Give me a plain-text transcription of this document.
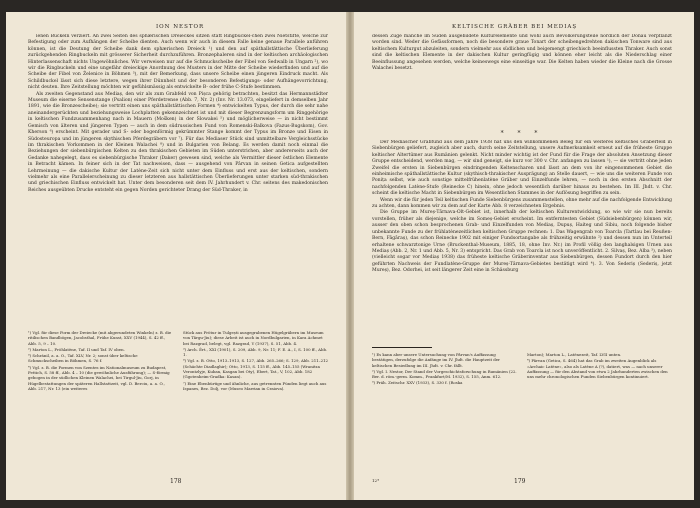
ION NESTOR

lenen Buckeln verziert. An zwei Seiten des sphærischen Dreieckes sitzen statt Ringbuckel-chen zwei Nietstifte, welche zur Befestigung oder zum Aufhängen der Scheibe dienten. Auch wenn wir auch in diesem Falle keine genaue Parallele anführen können, ist die Deutung der Scheibe dank dem sphærischen Dreieck ¹) und den auf späthallstättische Überlieferung zurückgehenden Ringbuckeln mit grösserer Sicherheit durchzuführen. Bronzephaleren sind in der keltischen archäologischen Hinterlassenschaft nichts Ungewöhnliches. Wir verweisen nur auf die Schmuckscheibe der Fibel von Sedwalb in Ungarn ²), wo wir die Ringbuckeln und eine ungefähr dreieckige Anordnung des Musters in der Mitte der Scheibe wiederfinden und auf die Scheibe der Fibel von Želenice in Böhmen ³), mit der Bemerkung, dass unsere Scheibe einen jüngeren Eindruck macht. Als Schildbuckel lässt sich diese letztere, wegen ihrer Dünnheit und der besonderen Befestigungs- oder Aufhängevorrichtung, nicht deuten. Ihre Zeitstellung möchten wir gefühlsmässig als entwickelte B- oder frühe C-Stufe bestimmen.

Als zweiten Gegenstand aus Mediaș, den wir als zum Grabfeld von Pișca gehörig betrachten, besitzt das Hermannstädter Museum die eiserne Sensenstange (Psalion) einer Pferdetrense (Abb. 7, Nr. 2) (Inv. Nr. 13.073, eingeliefert in demselben Jahr 1891, wie die Bronzescheibe); sie vertritt einen uns späthallstättischen Formen ⁴) entwickelten Typus, der durch die sehr nahe aneinandergerückten und beziehungsweise Lochplatten gekennzeichnet ist und mit dieser Begrenzungsform um Ringgehörige in keltischen Fundzusammenhang nach in Mauern (Mošken) in der Slowakei ⁵) und möglicherweise — in nicht bestimmt Gemisch von älteren und jüngeren Typen — auch in dem südrussischen Fund von Romenski-Balkova (Fazus-Bugskom), Gov. Kherson ⁶) erscheint. Mit gerader und S- oder bogenförmig gekrümmter Stange kommt der Typus im Bronze und Eisen in Südosteuropa und im jüngeren skythischen Pferdegräbern vor ⁷). Für das Mediaser Stück sind unmittelbare Vergleichsstücke im thrakischen Vorkommen in der Kleinen Walachei ⁸) und in Bulgarien von Belang. Es werden damit noch einmal die Beziehungen der siebenbürgischen Kelten zu den thrakischen Gebieten im Süden unterstrichen, aber andererseits auch der Gedanke nahegelegt, dass es siebenbürgische Thraker (Daker) gewesen sind, welche als Vermittler dieser östlichen Elemente in Betracht kämen. In feiner sich in der Tat nachweisen, dass — ausgehend von Pârvan in seinen Getica aufgestellten Lehrmeinung — die dakische Kultur der Latène-Zeit sich nicht unter dem Einfluss und erst aus der keltischen, sondern vielmehr als eine Parallelerscheinung zu dieser letzteren aus hallstättischen Überlieferungen unter starken süd-thrakischen und griechischen Einfluss entwickelt hat. Unter dem besonderen seit dem IV. Jahrhundert v. Chr. seitens des makedonischen Reiches ausgeübten Drucke entsteht ein gegen Norden gerichteter Drang der Süd-Thraker, in

¹) Vgl. für diese Form der Dreiecke (mit abgerundeten Winkeln) z. B. die ritilischen Bandbögen, Jacobsthal, Frühe Kunst, XXV (1944), S. 42 ff., Abb. 5, 9 – 10.

²) Marton L., Fröhlatène, Taf. II und Taf. IV oben.

³) Schránil, a. a. O., Taf. XLV, Nr. 2; sonst über keltische Schmuckscheiben in Böhmen, S. 76 f.

⁴) Vgl. z. B. die Formen von Szentes im Nationalmuseum zu Budapest, Fettich, S. 58 ff., Abb. 4 – 10 (die gewöhnliche Ausführung); — S-förmig gebogen in der südlichen Kleinen Walachei, bei Tirgul-Jiu, Gorj, in Hügelbestattungen der späteren Hallstattzeit, vgl. D. Berciu, a. a. O., Abb. 217, Nr. 13 (ein weiteres

Stück aus Frötur in Tulgești ausgegrabenen Hügelgräbern im Museum von Târgu-Jiu); diese Arbeit ist auch in Nordbulgarien, in Kara Achmet bei Razgrad, belegt, vgl. Razgrad, Y (1937), S. 51, Abb. 4.

⁵) Arch. Ért., XXI (1901), S. 209, Abb. 9, Nr. 11; F. E. A., I, S. 100 ff., Abb. 1.

⁶) Vgl. z. B. Otto, 1913–1913, S. 127, Abb. 265–266; S. 129, Abb. 211–212 (Schächte Diadlaghir); Otto, 1913, S. 115 ff., Abb. 145–155 (Wranitza Verontzlyje, Kuban, Kasgan bei Oty), Ebert, Tat., V, 102, Abb. 182 (Ggotenheim-Gradka: Kasan).

⁷) Eine Ebenbürtige und ähnliche, aus getrennten Fünden liegt auch aus Ispanes, Bez. Dolj, vor (Museo Marrian in Craiova).

178
KELTISCHE GRÄBER BEI MEDIAȘ

dessen Zuge manche im Süden ausgebildete Kulturelemente und wohl auch Bevölkerungsteile nördlich der Donau verpflanzt worden sind. Weder die Gefässformen, noch die besondere graue Tonart der scheibengedrehten dakischen Tonware sind aus keltischem Kulturgut abzuleiten, sondern vielmehr aus südlichen und beigemengt griechisch beeinflussten Thraker. Auch sonst sind die keltischen Elemente in der dakischen Kultur geringfügig und können eher leicht als die Niederschlag einer Beeinflussung angesehen werden, welche keineswegs eine einseitige war. Die Kelten haben wieder die Kleine nach die Grosse Walachei besetzt.

* * *

Der Mediascher Grabfund aus dem Jahre 1938 hat uns den willkommenen Beleg für ein weiteres keltisches Gräberfeld in Siebenbürgen geliefert, zugleich aber auch, durch seine Zeitstellung, unsere Aufmerksamkeit erneut auf die früheste Gruppe keltischer Altertümer aus Rumänien gelenkt. Nicht minder wichtig ist der Fund für die Frage der absoluten Ansetzung dieser Gruppe entscheidend, werden mag, — wir sind geneigt, sie kurz vor 300 v. Chr. anfangen zu lassen ¹), — sie vertritt ohne jeden Zweifel die ersten in Siebenbürgen eindringenden Keltenscharen und lässt an dem von ihr eingenommenen Gebiet die einheimische späthallstättische Kultur (skythisch-thrakischer Ausprägung) an Stelle dauert, — wie uns die weiteren Funde von Ponița selbst, wie auch sonstige mittelfrühenlatène Gräber und Einzelfunde lehren, — noch in den ersten Abschnitt der nachfolgenden Latène-Stufe (Reinecke C) hinein, ohne jedoch wesentlich darüber hinaus zu bestehen. Im III. Jhdt. v. Chr. scheint die keltische Macht in Siebenbürgen im Wesentlichen Stammes in der Auflösung begriffen zu sein.

Wenn wir die für jeden Teil keltischen Funde Siebenbürgens zusammenstellen, ohne mehr auf die nachfolgende Entwicklung zu achten, dann kommen wir zu dem auf der Karte Abb. 8 verzeichneten Ergebnis.

Die Gruppe im Mureș-Tărnava-Olt-Gebiet ist, innerhalb der keltischen Kulturentwicklung, so wie wir sie nun bereits vorstellen, früher als diejenige, welche im Someș-Gebiet erscheint. Im entferntesten Gebiet (Südsiebenbürgen) können wir, ausser den oben schon besprochenen Grab- und Einzelfunden von Mediaș, Dupuș, Haiteg und Sibiu, noch folgende bisher unbekannte Funde zu der frühlatènezeitlichen keltischen Gruppe rechnen: 1. Das Wagengrab von Toarcla (Tartlau bei Reußen-Bern, Fâgăraș), das schon Reinecke 1902 mit einiger Fundsortangabe als frühzeitig erwähnte ²) und dessen nun im Unterteil erhaltene schwarztonige Urne (Bruckenthal-Museum, 1885, 18, ohne Inv. Nr.) im Profil völlig den langhalsigen Urnen aus Mediaș (Abb. 2, Nr. 1 und Abb. 5, Nr. 3) entspricht. Das Grab von Toarcla ist noch unveröffentlicht. 2. Silvaș, Bez. Alba ³), neben (vielleicht sogar vor Mediaș 1938) das früheste keltische Gräberinventar aus Siebenbürgen, dessen Fundort durch den hier geführten Nachweis der Fundlatène-Gruppe der Mureș-Tărnava-Gebietes bestätigt wird ⁴). 3. Von Sederiș (Sederiș, jetzt Mureș), Bez. Odorhei, ist seit längerer Zeit eine in Schässburg

¹) Es kann aber unsere Untersuchung von Pârvan's Auffassung bestätigen, derzufolge die Anfänge im IV. Jhdt. die Hauptzeit der keltischen Besiedlung im III. Jhdt. v. Chr. fällt.

²) Vgl. I. Nestor, Der Stand der Vorgeschichtsforschung in Rumänien (22. Ber. d. röm.-germ. Komm., Frankfurt/M. 1932), S. 155, Anm. 612.

³) Präh. Zeitschr. XXV (1933), S. 330 f. (Roska

Marton); Marton L., Latènezeit, Taf. LVII unten.

⁴) Pârvan (Getica, S. 464) hat das Grab im zweiten Augenblick als »Archaic Latène«, also als Latène A (?), datiert, was — nach unserer Auffassung — für den Abstand von etwa 2 Jahrhunderten zwischen den uns mehr chronologischen Funden Siebenbürgen kontinuiert.

12*	179
